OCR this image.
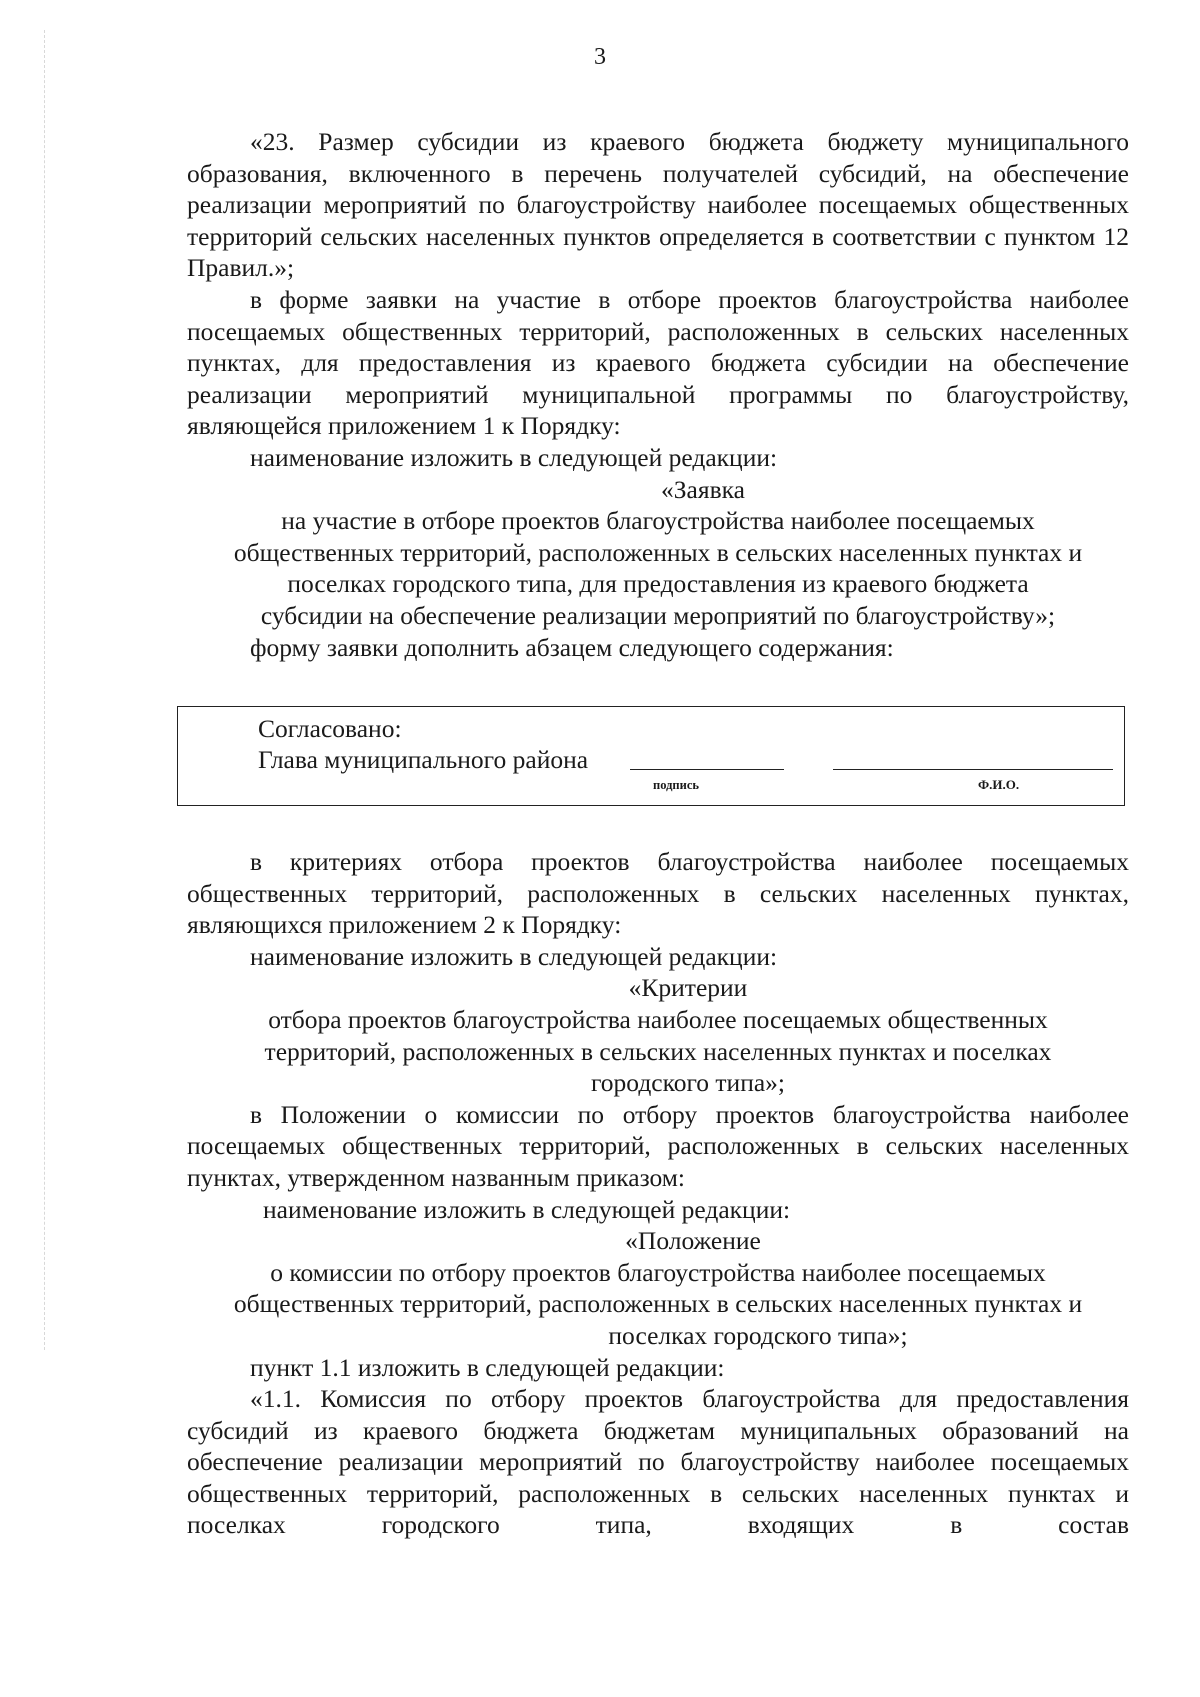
3
«23. Размер субсидии из краевого бюджета бюджету муниципального образования, включенного в перечень получателей субсидий, на обеспечение реализации мероприятий по благоустройству наиболее посещаемых общественных территорий сельских населенных пунктов определяется в соответствии с пунктом 12 Правил.»;
в форме заявки на участие в отборе проектов благоустройства наиболее посещаемых общественных территорий, расположенных в сельских населенных пунктах, для предоставления из краевого бюджета субсидии на обеспечение реализации мероприятий муниципальной программы по благоустройству, являющейся приложением 1 к Порядку:
наименование изложить в следующей редакции:
«Заявка
на участие в отборе проектов благоустройства наиболее посещаемых
общественных территорий, расположенных в сельских населенных пунктах и
поселках городского типа, для предоставления из краевого бюджета
субсидии на обеспечение реализации мероприятий по благоустройству»;
форму заявки дополнить абзацем следующего содержания:
Согласовано:
Глава муниципального района
подпись	Ф.И.О.
в критериях отбора проектов благоустройства наиболее посещаемых общественных территорий, расположенных в сельских населенных пунктах, являющихся приложением 2 к Порядку:
наименование изложить в следующей редакции:
«Критерии
отбора проектов благоустройства наиболее посещаемых общественных
территорий, расположенных в сельских населенных пунктах и поселках
городского типа»;
в Положении о комиссии по отбору проектов благоустройства наиболее посещаемых общественных территорий, расположенных в сельских населенных пунктах, утвержденном названным приказом:
наименование изложить в следующей редакции:
«Положение
о комиссии по отбору проектов благоустройства наиболее посещаемых
общественных территорий, расположенных в сельских населенных пунктах и
поселках городского типа»;
пункт 1.1 изложить в следующей редакции:
«1.1. Комиссия по отбору проектов благоустройства для предоставления субсидий из краевого бюджета бюджетам муниципальных образований на обеспечение реализации мероприятий по благоустройству наиболее посещаемых общественных территорий, расположенных в сельских населенных пунктах и поселках городского типа, входящих в состав
